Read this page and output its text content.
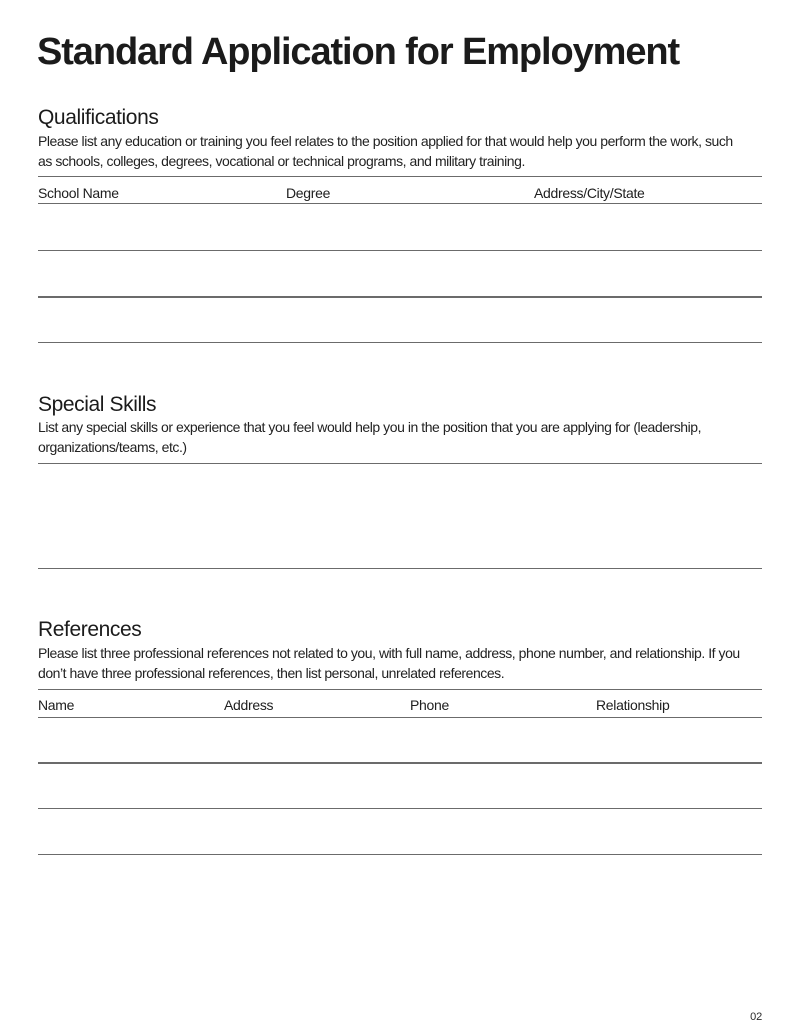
Standard Application for Employment
Qualifications
Please list any education or training you feel relates to the position applied for that would help you perform the work, such
as schools, colleges, degrees, vocational or technical programs, and military training.
School Name	Degree	Address/City/State
Special Skills
List any special skills or experience that you feel would help you in the position that you are applying for (leadership,
organizations/teams, etc.)
References
Please list three professional references not related to you, with full name, address, phone number, and relationship. If you
don’t have three professional references, then list personal, unrelated references.
Name	Address	Phone	Relationship
02
